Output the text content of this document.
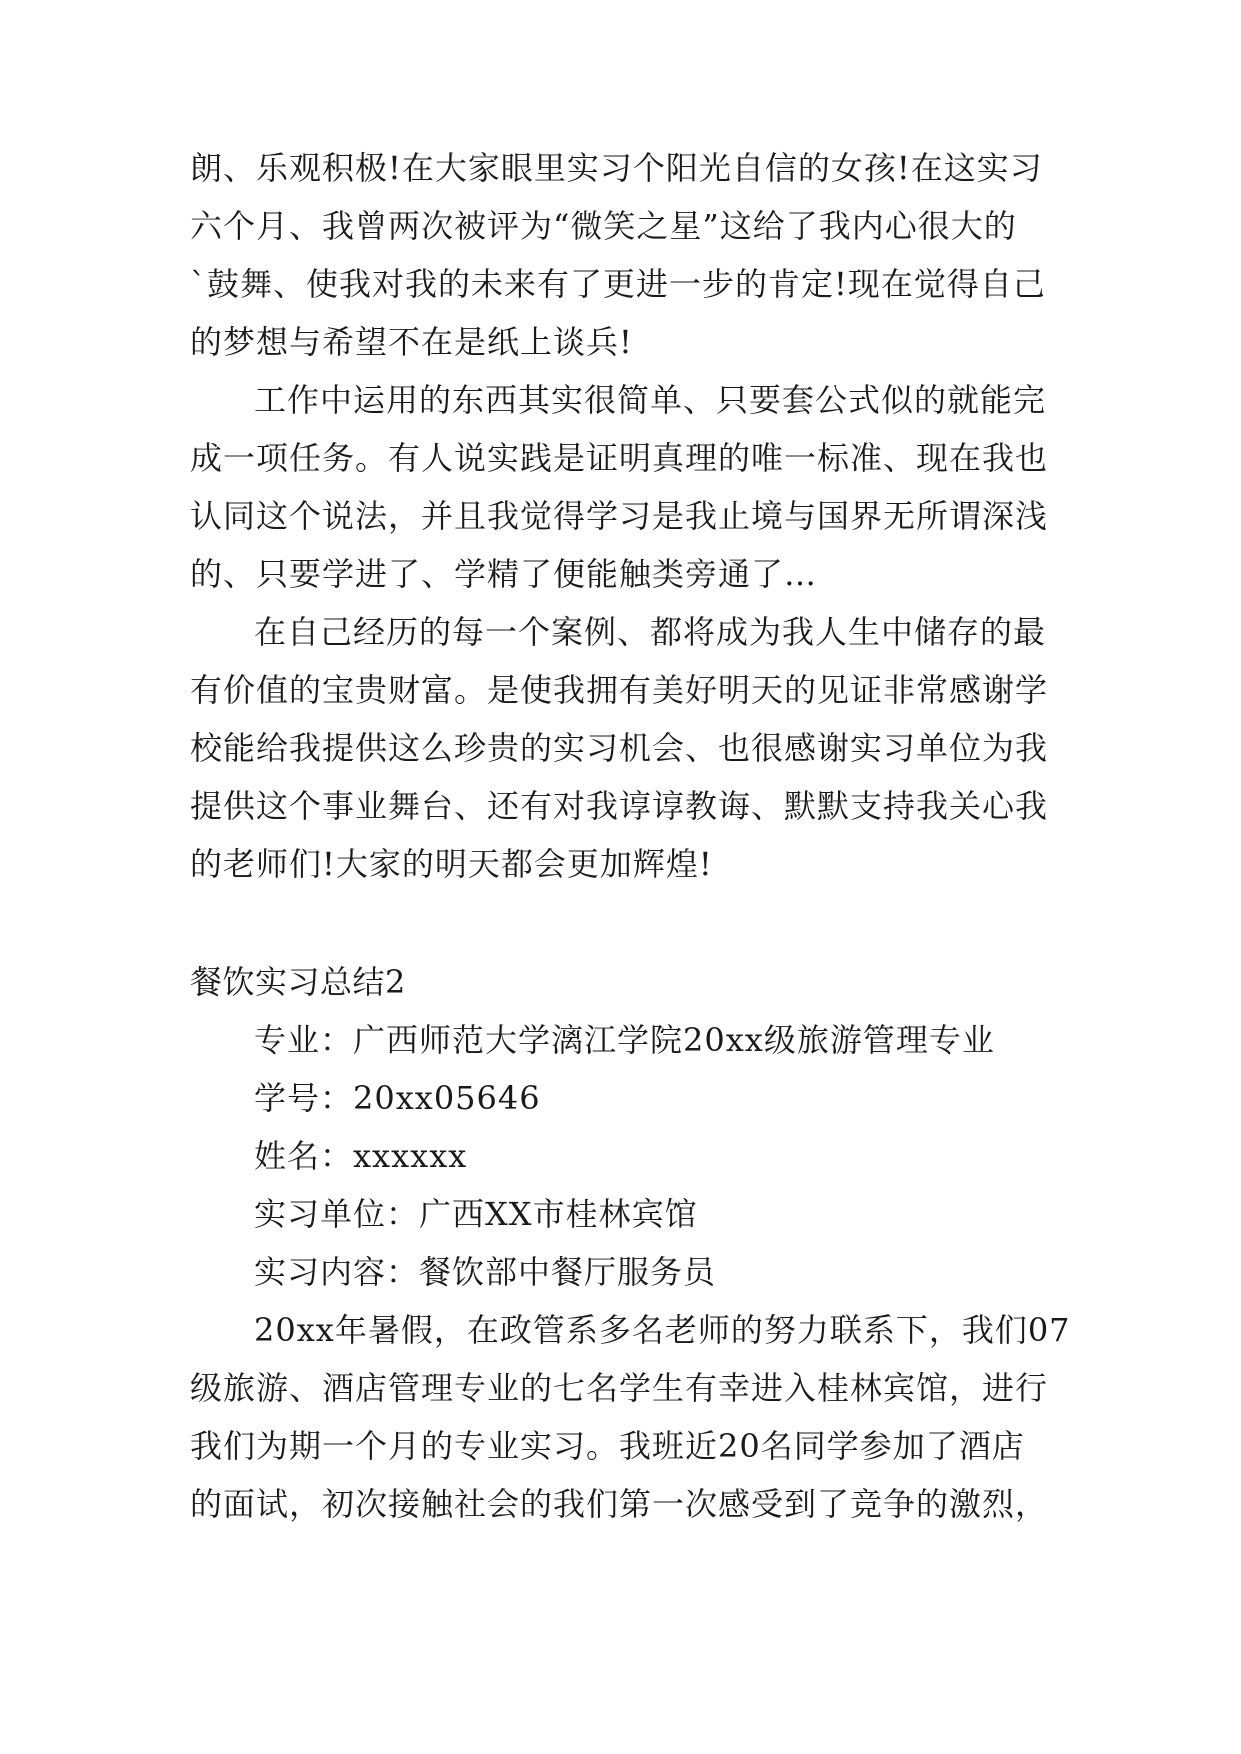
朗、乐观积极!在大家眼里实习个阳光自信的女孩!在这实习
六个月、我曾两次被评为“微笑之星”这给了我内心很大的
`鼓舞、使我对我的未来有了更进一步的肯定!现在觉得自己
的梦想与希望不在是纸上谈兵!
工作中运用的东西其实很简单、只要套公式似的就能完
成一项任务。有人说实践是证明真理的唯一标准、现在我也
认同这个说法，并且我觉得学习是我止境与国界无所谓深浅
的、只要学进了、学精了便能触类旁通了…
在自己经历的每一个案例、都将成为我人生中储存的最
有价值的宝贵财富。是使我拥有美好明天的见证非常感谢学
校能给我提供这么珍贵的实习机会、也很感谢实习单位为我
提供这个事业舞台、还有对我谆谆教诲、默默支持我关心我
的老师们!大家的明天都会更加辉煌!
餐饮实习总结2
专业：广西师范大学漓江学院20xx级旅游管理专业
学号：20xx05646
姓名：xxxxxx
实习单位：广西XX市桂林宾馆
实习内容：餐饮部中餐厅服务员
20xx年暑假，在政管系多名老师的努力联系下，我们07
级旅游、酒店管理专业的七名学生有幸进入桂林宾馆，进行
我们为期一个月的专业实习。我班近20名同学参加了酒店
的面试，初次接触社会的我们第一次感受到了竞争的激烈，
